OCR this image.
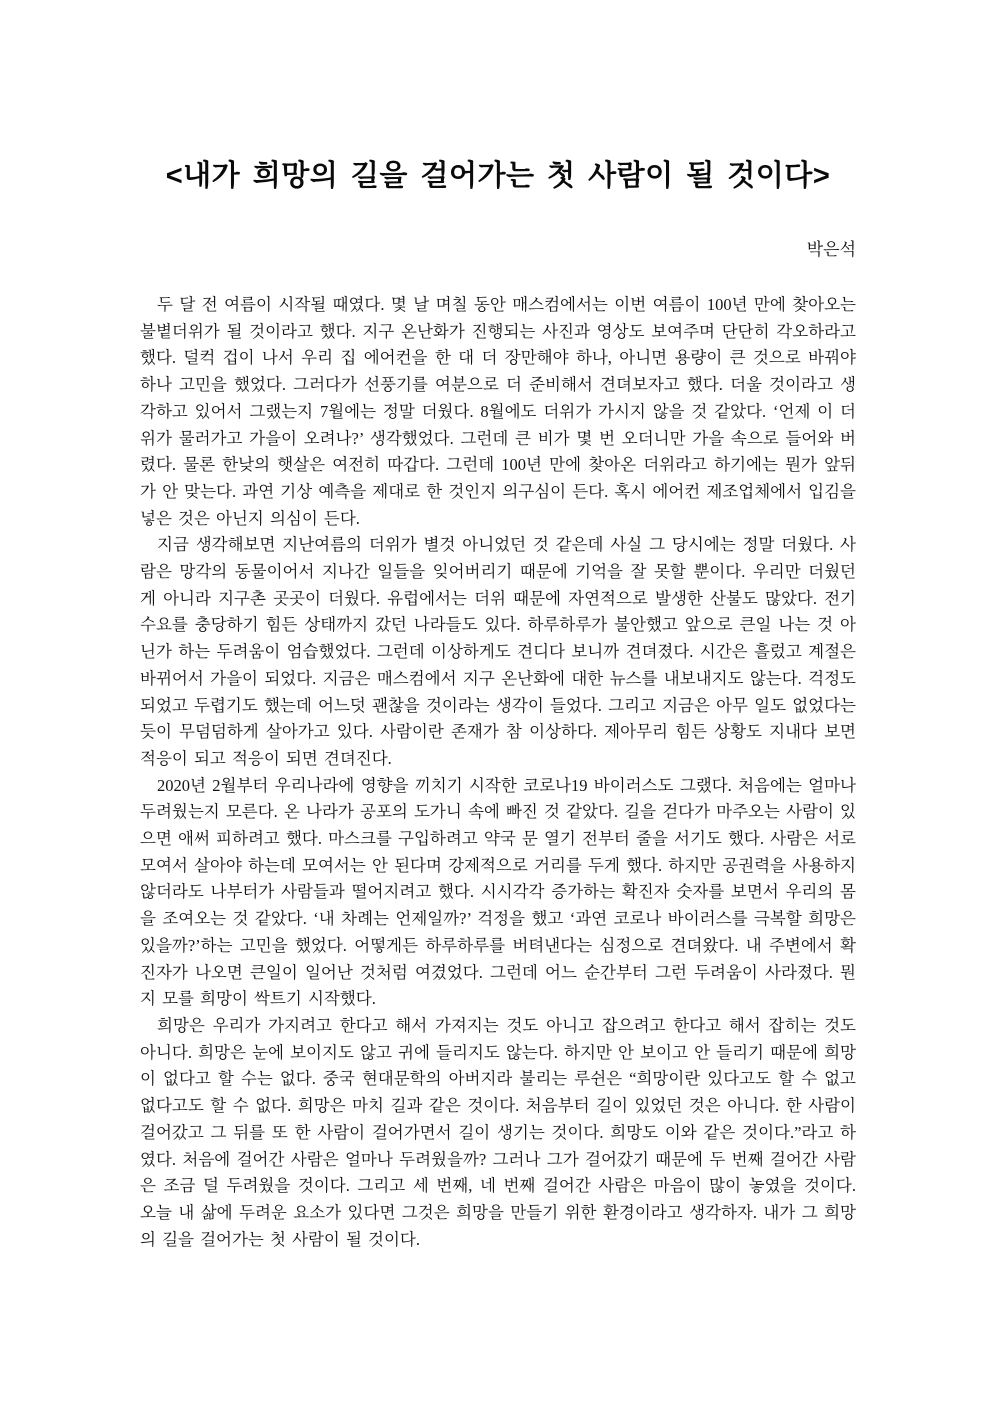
<내가 희망의 길을 걸어가는 첫 사람이 될 것이다>
박은석

두 달 전 여름이 시작될 때였다. 몇 날 며칠 동안 매스컴에서는 이번 여름이 100년 만에 찾아오는 불볕더위가 될 것이라고 했다. 지구 온난화가 진행되는 사진과 영상도 보여주며 단단히 각오하라고 했다. 덜컥 겁이 나서 우리 집 에어컨을 한 대 더 장만해야 하나, 아니면 용량이 큰 것으로 바꿔야 하나 고민을 했었다. 그러다가 선풍기를 여분으로 더 준비해서 견뎌보자고 했다. 더울 것이라고 생각하고 있어서 그랬는지 7월에는 정말 더웠다. 8월에도 더위가 가시지 않을 것 같았다. ‘언제 이 더위가 물러가고 가을이 오려나?’ 생각했었다. 그런데 큰 비가 몇 번 오더니만 가을 속으로 들어와 버렸다. 물론 한낮의 햇살은 여전히 따갑다. 그런데 100년 만에 찾아온 더위라고 하기에는 뭔가 앞뒤가 안 맞는다. 과연 기상 예측을 제대로 한 것인지 의구심이 든다. 혹시 에어컨 제조업체에서 입김을 넣은 것은 아닌지 의심이 든다.

지금 생각해보면 지난여름의 더위가 별것 아니었던 것 같은데 사실 그 당시에는 정말 더웠다. 사람은 망각의 동물이어서 지나간 일들을 잊어버리기 때문에 기억을 잘 못할 뿐이다. 우리만 더웠던 게 아니라 지구촌 곳곳이 더웠다. 유럽에서는 더위 때문에 자연적으로 발생한 산불도 많았다. 전기 수요를 충당하기 힘든 상태까지 갔던 나라들도 있다. 하루하루가 불안했고 앞으로 큰일 나는 것 아닌가 하는 두려움이 엄습했었다. 그런데 이상하게도 견디다 보니까 견뎌졌다. 시간은 흘렀고 계절은 바뀌어서 가을이 되었다. 지금은 매스컴에서 지구 온난화에 대한 뉴스를 내보내지도 않는다. 걱정도 되었고 두렵기도 했는데 어느덧 괜찮을 것이라는 생각이 들었다. 그리고 지금은 아무 일도 없었다는 듯이 무덤덤하게 살아가고 있다. 사람이란 존재가 참 이상하다. 제아무리 힘든 상황도 지내다 보면 적응이 되고 적응이 되면 견뎌진다.

2020년 2월부터 우리나라에 영향을 끼치기 시작한 코로나19 바이러스도 그랬다. 처음에는 얼마나 두려웠는지 모른다. 온 나라가 공포의 도가니 속에 빠진 것 같았다. 길을 걷다가 마주오는 사람이 있으면 애써 피하려고 했다. 마스크를 구입하려고 약국 문 열기 전부터 줄을 서기도 했다. 사람은 서로 모여서 살아야 하는데 모여서는 안 된다며 강제적으로 거리를 두게 했다. 하지만 공권력을 사용하지 않더라도 나부터가 사람들과 떨어지려고 했다. 시시각각 증가하는 확진자 숫자를 보면서 우리의 몸을 조여오는 것 같았다. ‘내 차례는 언제일까?’ 걱정을 했고 ‘과연 코로나 바이러스를 극복할 희망은 있을까?’하는 고민을 했었다. 어떻게든 하루하루를 버텨낸다는 심정으로 견뎌왔다. 내 주변에서 확진자가 나오면 큰일이 일어난 것처럼 여겼었다. 그런데 어느 순간부터 그런 두려움이 사라졌다. 뭔지 모를 희망이 싹트기 시작했다.

희망은 우리가 가지려고 한다고 해서 가져지는 것도 아니고 잡으려고 한다고 해서 잡히는 것도 아니다. 희망은 눈에 보이지도 않고 귀에 들리지도 않는다. 하지만 안 보이고 안 들리기 때문에 희망이 없다고 할 수는 없다. 중국 현대문학의 아버지라 불리는 루쉰은 “희망이란 있다고도 할 수 없고 없다고도 할 수 없다. 희망은 마치 길과 같은 것이다. 처음부터 길이 있었던 것은 아니다. 한 사람이 걸어갔고 그 뒤를 또 한 사람이 걸어가면서 길이 생기는 것이다. 희망도 이와 같은 것이다.”라고 하였다. 처음에 걸어간 사람은 얼마나 두려웠을까? 그러나 그가 걸어갔기 때문에 두 번째 걸어간 사람은 조금 덜 두려웠을 것이다. 그리고 세 번째, 네 번째 걸어간 사람은 마음이 많이 놓였을 것이다. 오늘 내 삶에 두려운 요소가 있다면 그것은 희망을 만들기 위한 환경이라고 생각하자. 내가 그 희망의 길을 걸어가는 첫 사람이 될 것이다.
